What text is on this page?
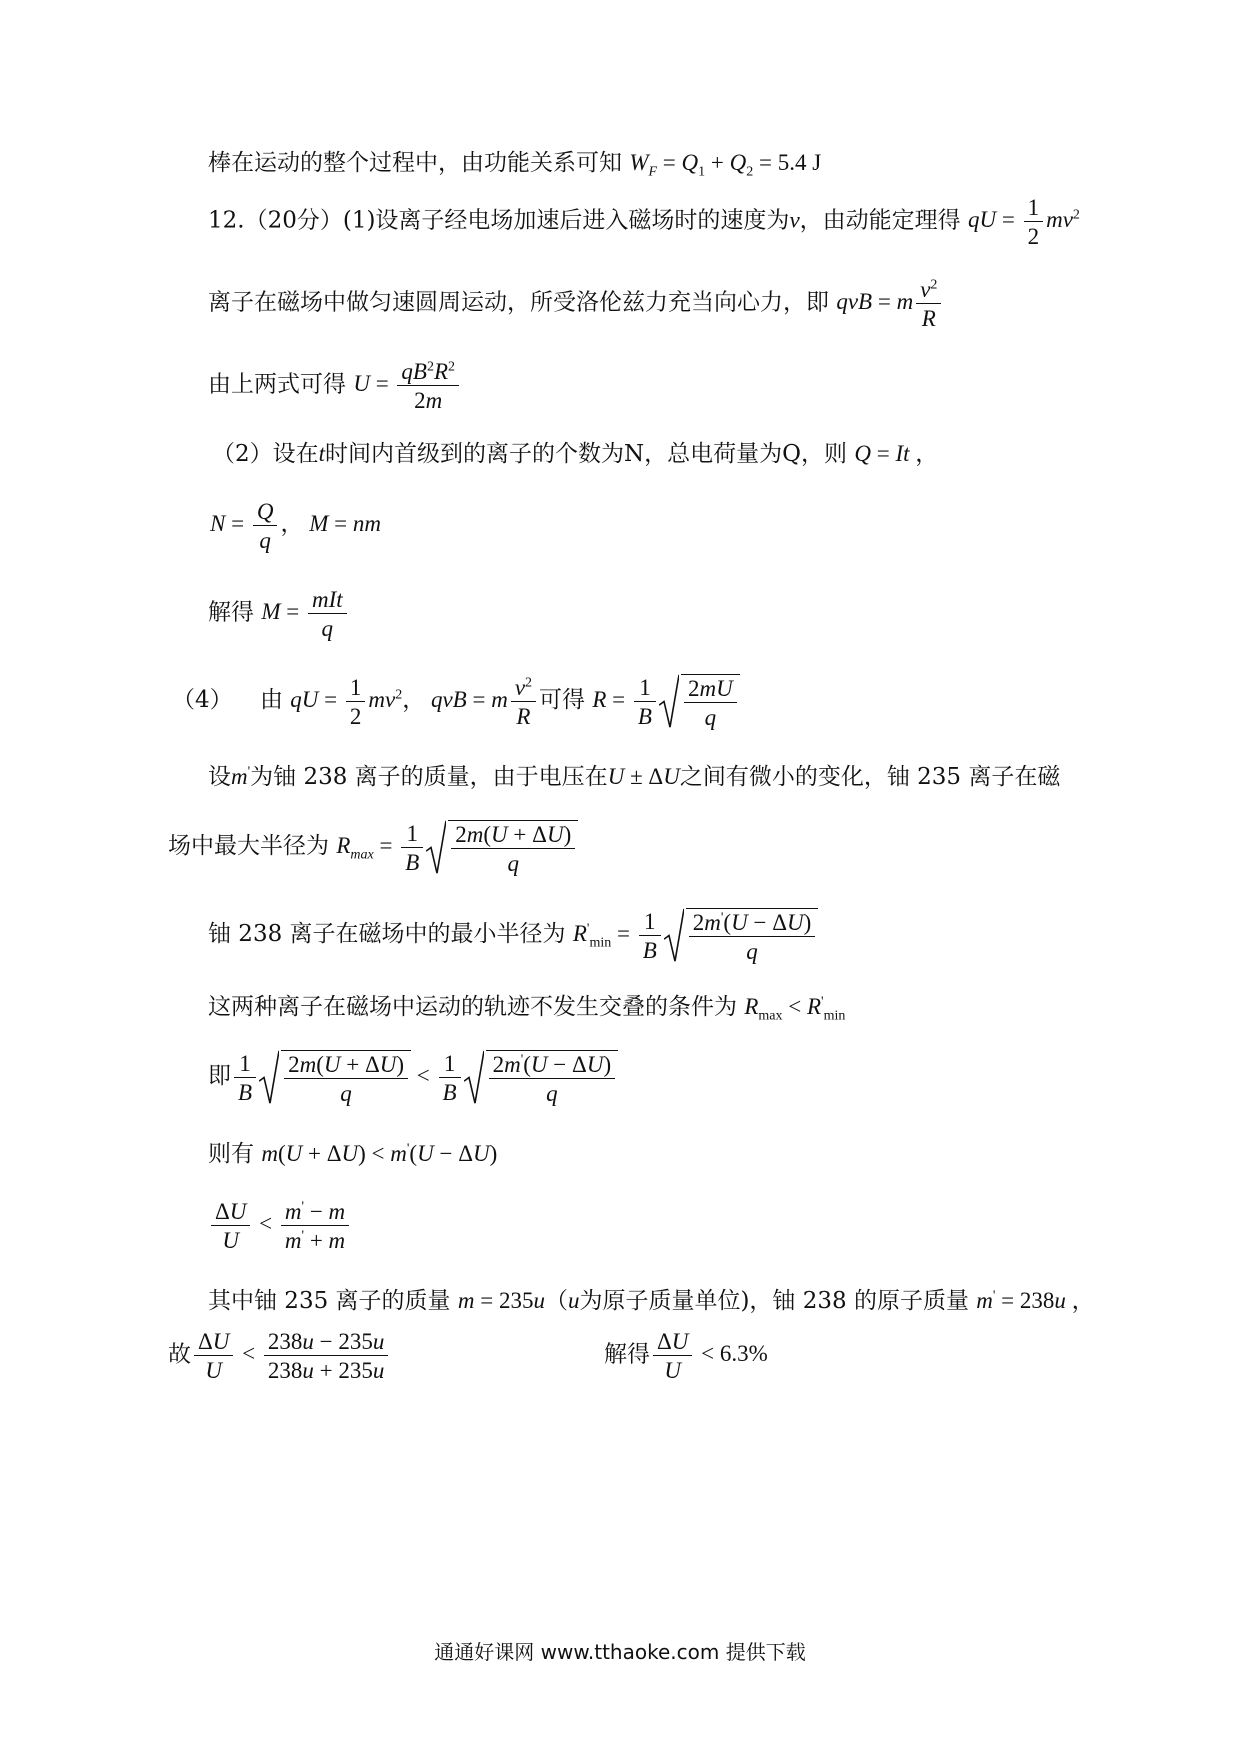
棒在运动的整个过程中，由功能关系可知 $W_F = Q_1 + Q_2 = 5.4$ J
12.（20分）(1)设离子经电场加速后进入磁场时的速度为v，由动能定理得 qU = $\frac{1}{2} mv^2$
离子在磁场中做匀速圆周运动，所受洛伦兹力充当向心力，即 qvB = m $\frac{v^2}{R}$
由上两式可得 $U = \frac{qB^2R^2}{2m}$
（2）设在t时间内首级到的离子的个数为N，总电荷量为Q，则 Q = It ，
$N = \frac{Q}{q}$ ， M = nm
解得 $M = \frac{\text{mIt}}{q}$
（4） 由 qU = $\frac{1}{2} mv^2$， qvB = m $\frac{v^2}{R}$ 可得 $R = \frac{1}{B} \frac{2mU}{q}$
设m'为铀 238 离子的质量，由于电压在U ± ΔU之间有微小的变化，铀 235 离子在磁
场中最大半径为 $R_{max} = \frac{1}{B} \frac{2m(U + \Delta U)}{q}$
铀 238 离子在磁场中的最小半径为 $R'_{min} = \frac{1}{B} \frac{2m'(U - \Delta U)}{q}$
这两种离子在磁场中运动的轨迹不发生交叠的条件为 $R_{max} < R'_{min}$
即 $\frac{1}{B} \frac{2m(U + \Delta U)}{q} < \frac{1}{B} \frac{2m'(U - \Delta U)}{q}$
则有 m(U + ΔU) < m'(U − ΔU)
$\frac{\Delta U}{U} < \frac{m' - m}{m' + m}$
其中铀 235 离子的质量 m = 235u（u为原子质量单位)，铀 238 的原子质量 m' = 238u ，
故 $\frac{\Delta U}{U} < \frac{238u - 235u}{238u + 235u}$	解得 $\frac{\Delta U}{U} < 6.3\%$
通通好课网 www.tthaoke.com 提供下载
